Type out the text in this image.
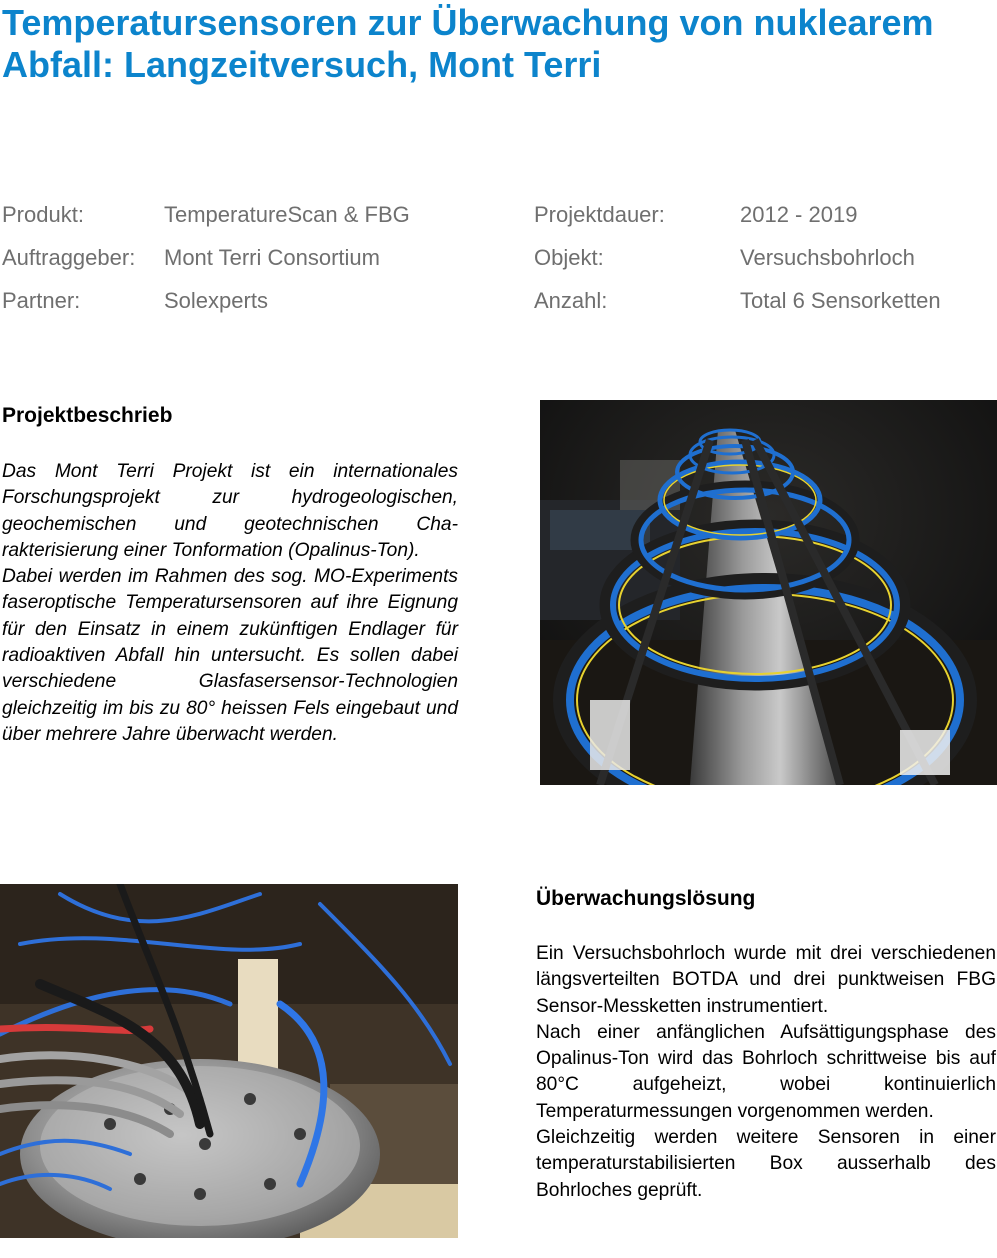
Temperatursensoren zur Überwachung von nuklearem Abfall: Langzeitversuch, Mont Terri
Produkt:	TemperatureScan & FBG
Auftraggeber: Mont Terri Consortium
Partner:	Solexperts
Projektdauer:	2012 - 2019
Objekt:	Versuchsbohrloch
Anzahl:	Total 6 Sensorketten
Projektbeschrieb

Das Mont Terri Projekt ist ein internationales Forschungsprojekt zur hydrogeologischen, geochemischen und geotechnischen Charakterisierung einer Tonformation (Opalinus-Ton).

Dabei werden im Rahmen des sog. MO-Experiments faseroptische Temperatursensoren auf ihre Eignung für den Einsatz in einem zukünftigen Endlager für radioaktiven Abfall hin untersucht. Es sollen dabei verschiedene Glasfasersensor-Technologien gleichzeitig im bis zu 80° heissen Fels eingebaut und über mehrere Jahre überwacht werden.

Überwachungslösung

Ein Versuchsbohrloch wurde mit drei verschiedenen längsverteilten BOTDA und drei punktweisen FBG Sensor-Messketten instrumentiert.

Nach einer anfänglichen Aufsättigungsphase des Opalinus-Ton wird das Bohrloch schrittweise bis auf 80°C aufgeheizt, wobei kontinuierlich Temperaturmessungen vorgenommen werden.

Gleichzeitig werden weitere Sensoren in einer temperaturstabilisierten Box ausserhalb des Bohrloches geprüft.
